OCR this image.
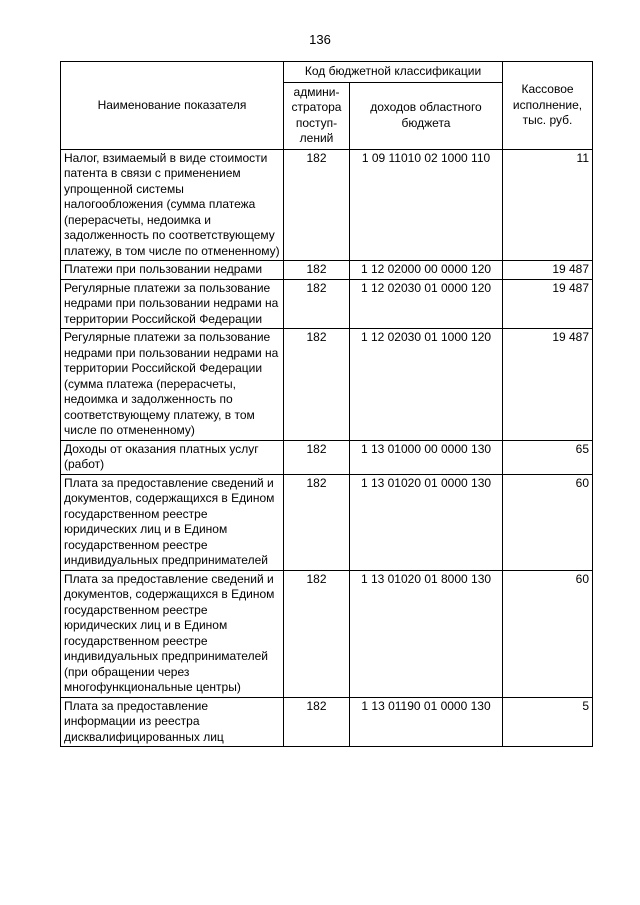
136
Наименование показателя	Код бюджетной классификации		Кассовое исполнение, тыс. руб.
	админи-стратора поступ-лений	доходов областного бюджета	
Налог, взимаемый в виде стоимости патента в связи с применением упрощенной системы налогообложения (сумма платежа (перерасчеты, недоимка и задолженность по соответствующему платежу, в том числе по отмененному)	182	1 09 11010 02 1000 110	11
Платежи при пользовании недрами	182	1 12 02000 00 0000 120	19 487
Регулярные платежи за пользование недрами при пользовании недрами на территории Российской Федерации	182	1 12 02030 01 0000 120	19 487
Регулярные платежи за пользование недрами при пользовании недрами на территории Российской Федерации (сумма платежа (перерасчеты, недоимка и задолженность по соответствующему платежу, в том числе по отмененному)	182	1 12 02030 01 1000 120	19 487
Доходы от оказания платных услуг (работ)	182	1 13 01000 00 0000 130	65
Плата за предоставление сведений и документов, содержащихся в Едином государственном реестре юридических лиц и в Едином государственном реестре индивидуальных предпринимателей	182	1 13 01020 01 0000 130	60
Плата за предоставление сведений и документов, содержащихся в Едином государственном реестре юридических лиц и в Едином государственном реестре индивидуальных предпринимателей (при обращении через многофункциональные центры)	182	1 13 01020 01 8000 130	60
Плата за предоставление информации из реестра дисквалифицированных лиц	182	1 13 01190 01 0000 130	5
